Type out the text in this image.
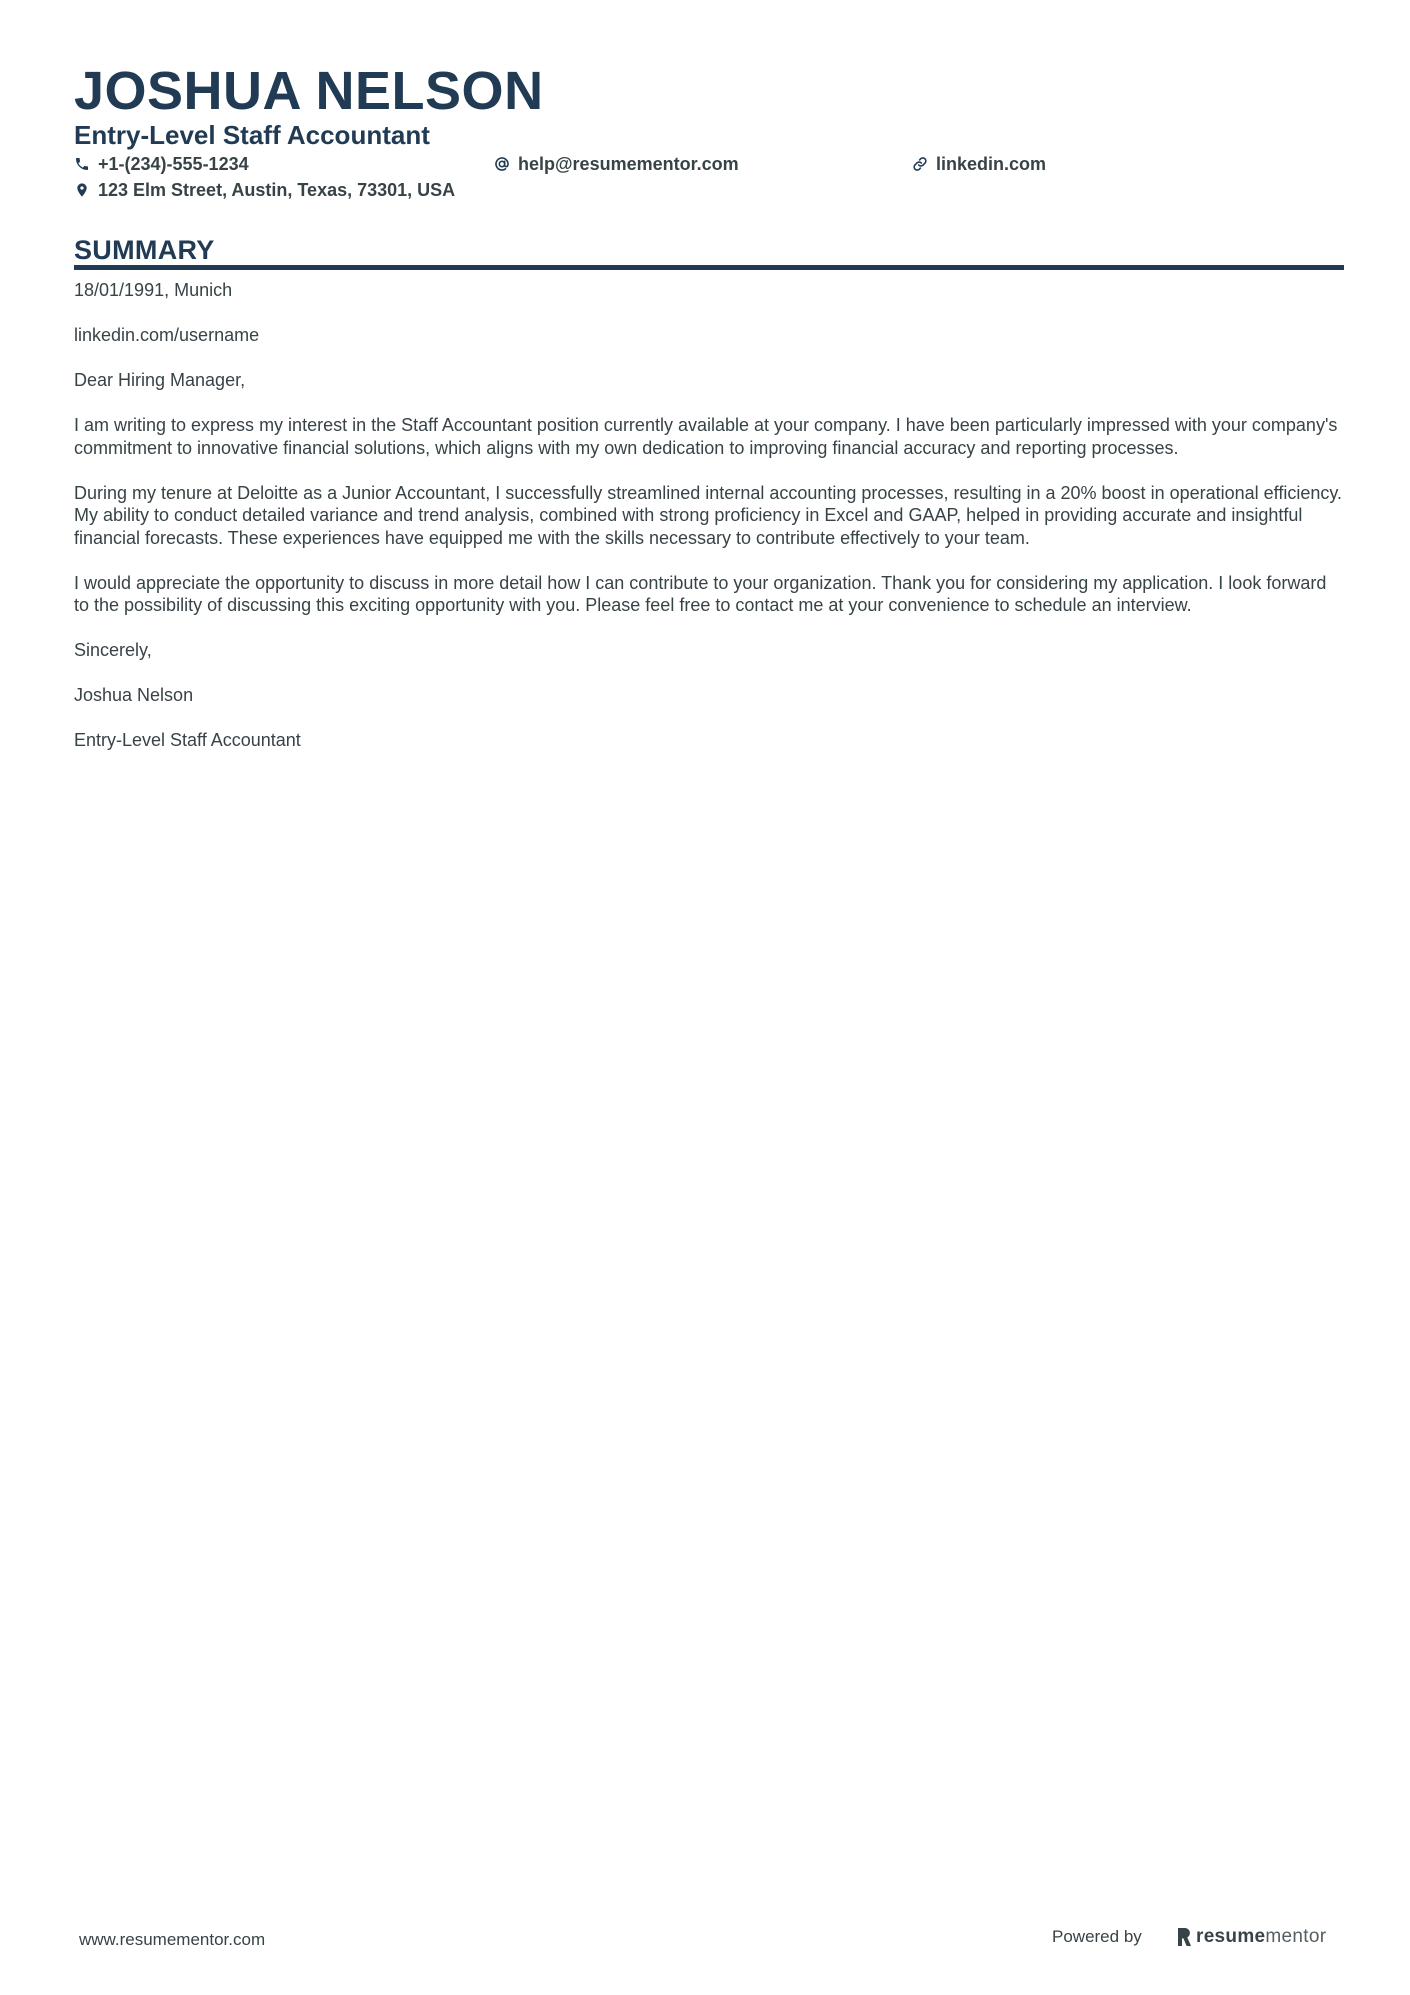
JOSHUA NELSON
Entry-Level Staff Accountant
+1-(234)-555-1234	help@resumementor.com	linkedin.com
123 Elm Street, Austin, Texas, 73301, USA
SUMMARY

18/01/1991, Munich

linkedin.com/username

Dear Hiring Manager,

I am writing to express my interest in the Staff Accountant position currently available at your company. I have been particularly impressed with your company's commitment to innovative financial solutions, which aligns with my own dedication to improving financial accuracy and reporting processes.

During my tenure at Deloitte as a Junior Accountant, I successfully streamlined internal accounting processes, resulting in a 20% boost in operational efficiency. My ability to conduct detailed variance and trend analysis, combined with strong proficiency in Excel and GAAP, helped in providing accurate and insightful financial forecasts. These experiences have equipped me with the skills necessary to contribute effectively to your team.

I would appreciate the opportunity to discuss in more detail how I can contribute to your organization. Thank you for considering my application. I look forward to the possibility of discussing this exciting opportunity with you. Please feel free to contact me at your convenience to schedule an interview.

Sincerely,

Joshua Nelson

Entry-Level Staff Accountant

www.resumementor.com	Powered by	resumementor
